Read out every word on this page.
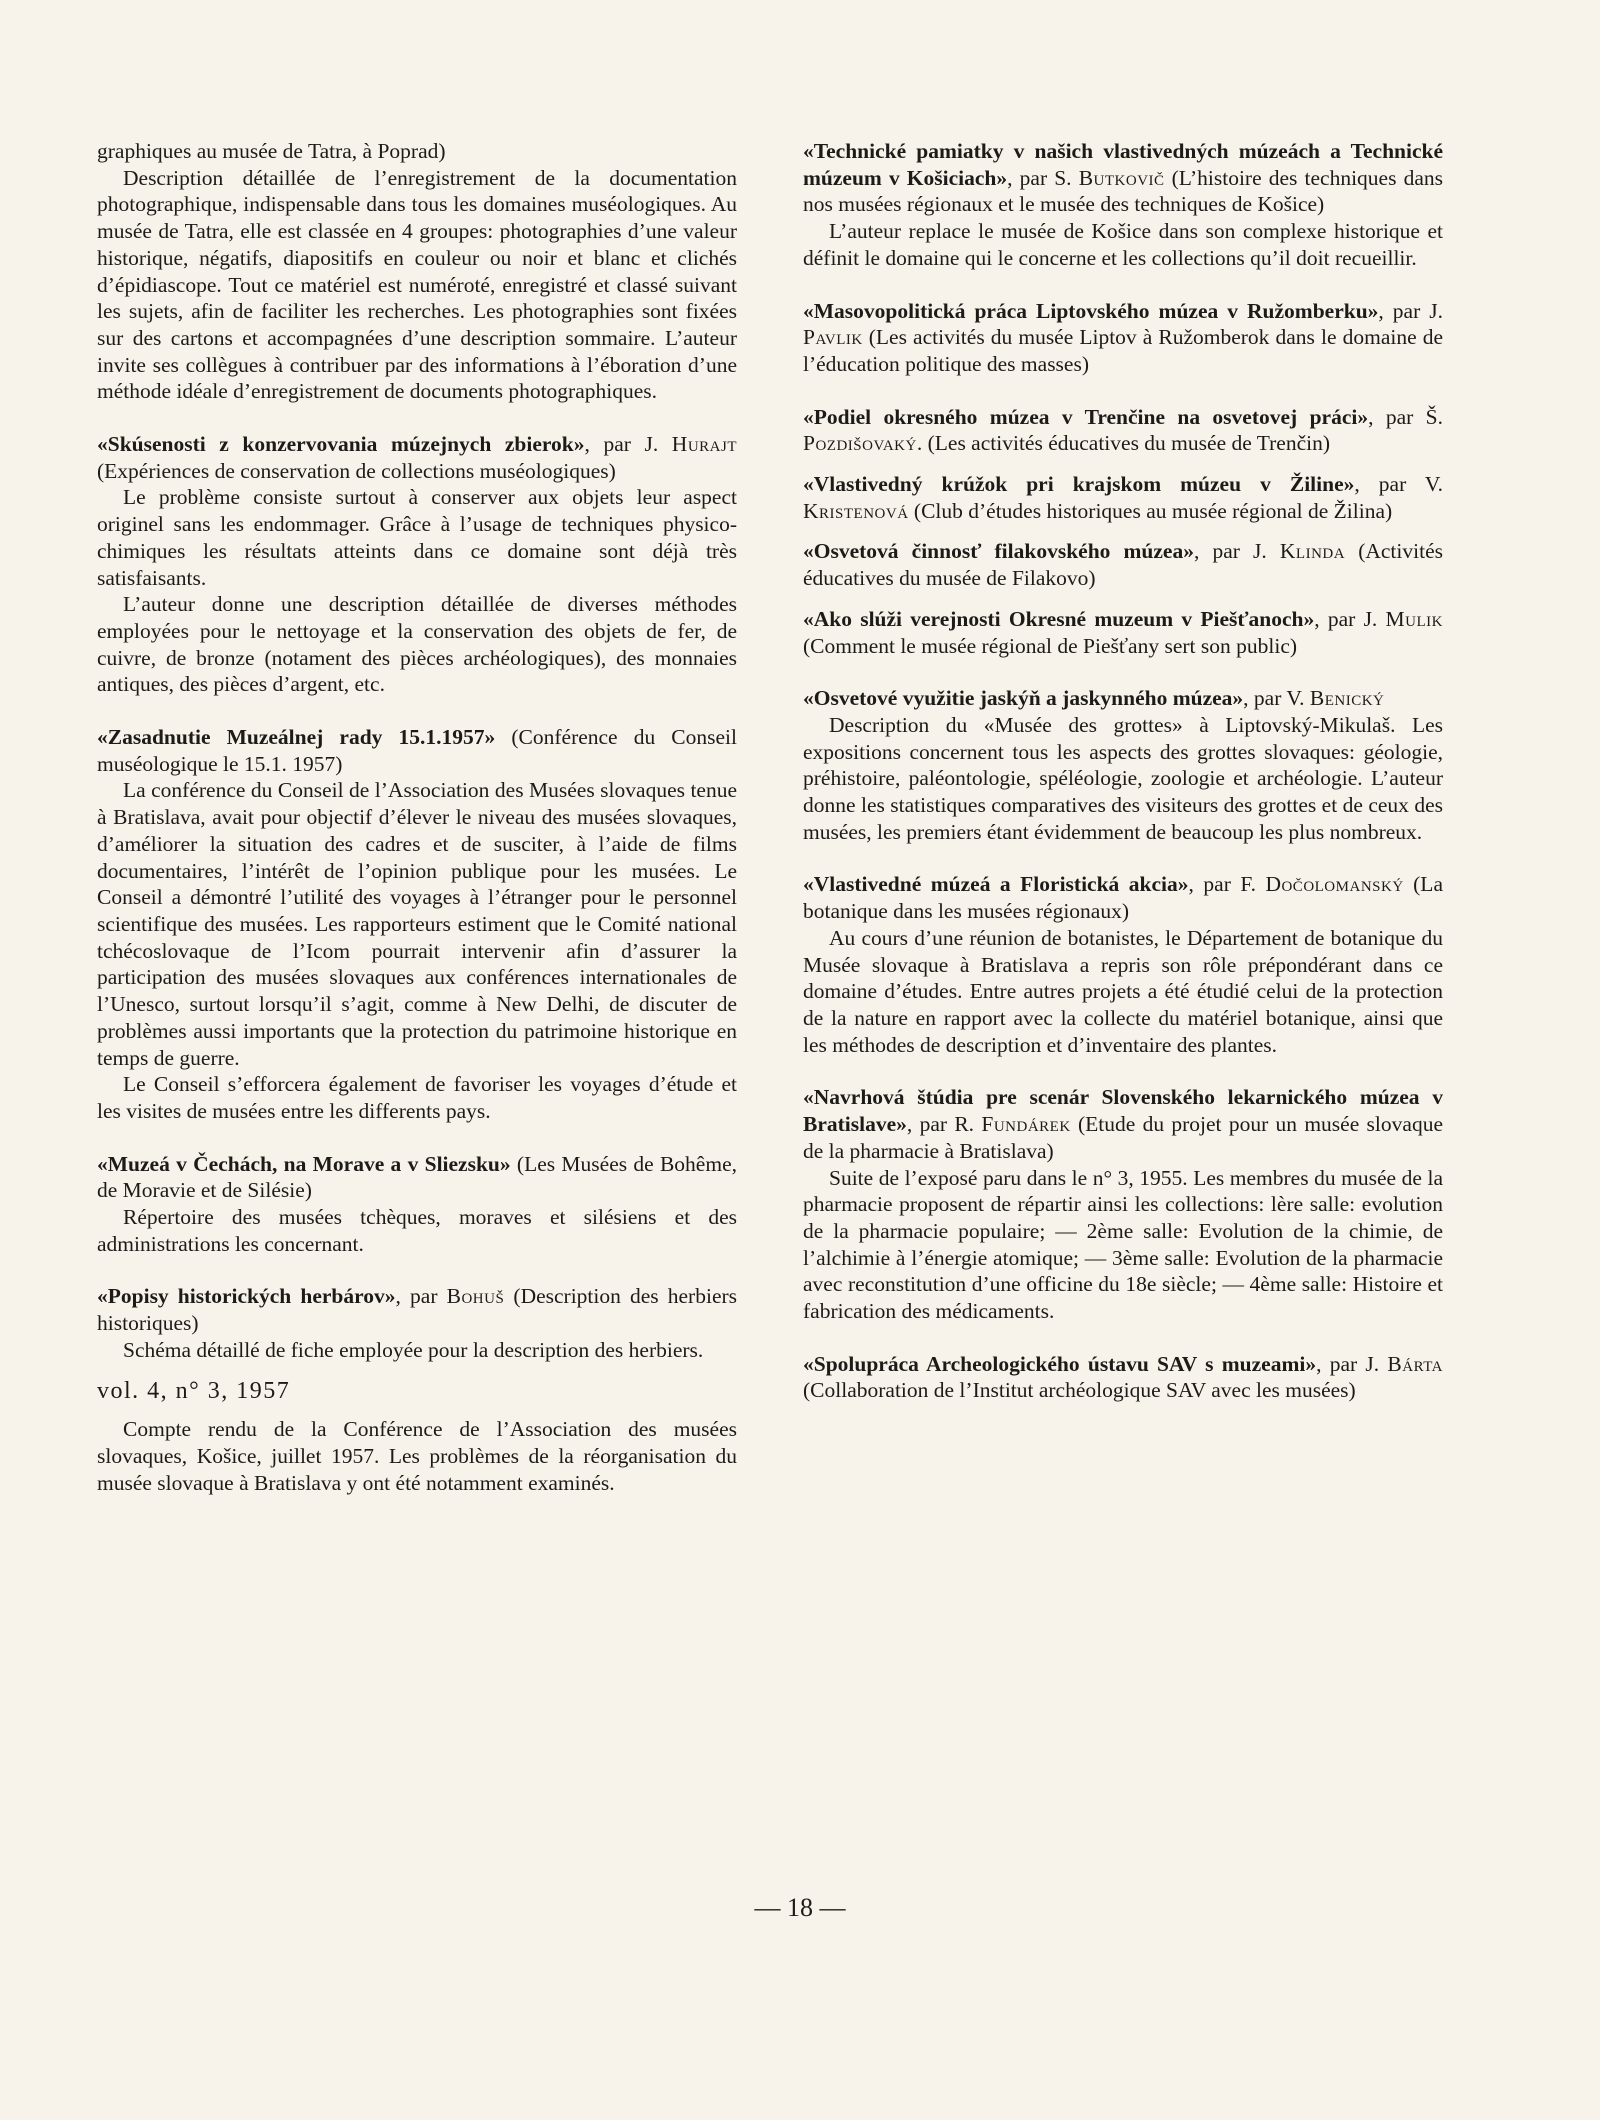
graphiques au musée de Tatra, à Poprad)

Description détaillée de l’enregistrement de la documentation photographique, indispensable dans tous les domaines muséologiques. Au musée de Tatra, elle est classée en 4 groupes: photographies d’une valeur historique, négatifs, diapositifs en couleur ou noir et blanc et clichés d’épidiascope. Tout ce matériel est numéroté, enregistré et classé suivant les sujets, afin de faciliter les recherches. Les photographies sont fixées sur des cartons et accompagnées d’une description sommaire. L’auteur invite ses collègues à contribuer par des informations à l’éboration d’une méthode idéale d’enregistrement de documents photographiques.

«Skúsenosti z konzervovania múzejnych zbierok», par J. Hurajt (Expériences de conservation de collections muséologiques)

Le problème consiste surtout à conserver aux objets leur aspect originel sans les endommager. Grâce à l’usage de techniques physico-chimiques les résultats atteints dans ce domaine sont déjà très satisfaisants.

L’auteur donne une description détaillée de diverses méthodes employées pour le nettoyage et la conservation des objets de fer, de cuivre, de bronze (notament des pièces archéologiques), des monnaies antiques, des pièces d’argent, etc.

«Zasadnutie Muzeálnej rady 15.1.1957» (Conférence du Conseil muséologique le 15.1. 1957)

La conférence du Conseil de l’Association des Musées slovaques tenue à Bratislava, avait pour objectif d’élever le niveau des musées slovaques, d’améliorer la situation des cadres et de susciter, à l’aide de films documentaires, l’intérêt de l’opinion publique pour les musées. Le Conseil a démontré l’utilité des voyages à l’étranger pour le personnel scientifique des musées. Les rapporteurs estiment que le Comité national tchécoslovaque de l’Icom pourrait intervenir afin d’assurer la participation des musées slovaques aux conférences internationales de l’Unesco, surtout lorsqu’il s’agit, comme à New Delhi, de discuter de problèmes aussi importants que la protection du patrimoine historique en temps de guerre.

Le Conseil s’efforcera également de favoriser les voyages d’étude et les visites de musées entre les differents pays.

«Muzeá v Čechách, na Morave a v Sliezsku» (Les Musées de Bohême, de Moravie et de Silésie)

Répertoire des musées tchèques, moraves et silésiens et des administrations les concernant.

«Popisy historických herbárov», par Bohuš (Description des herbiers historiques)

Schéma détaillé de fiche employée pour la description des herbiers.

vol. 4, n° 3, 1957

Compte rendu de la Conférence de l’Association des musées slovaques, Košice, juillet 1957. Les problèmes de la réorganisation du musée slovaque à Bratislava y ont été notamment examinés.

«Technické pamiatky v našich vlastivedných múzeách a Technické múzeum v Košiciach», par S. Butkovič (L’histoire des techniques dans nos musées régionaux et le musée des techniques de Košice)

L’auteur replace le musée de Košice dans son complexe historique et définit le domaine qui le concerne et les collections qu’il doit recueillir.

«Masovopolitická práca Liptovského múzea v Ružomberku», par J. Pavlik (Les activités du musée Liptov à Ružomberok dans le domaine de l’éducation politique des masses)

«Podiel okresného múzea v Trenčine na osvetovej práci», par Š. Pozdišovaký. (Les activités éducatives du musée de Trenčin)

«Vlastivedný krúžok pri krajskom múzeu v Žiline», par V. Kristenová (Club d’études historiques au musée régional de Žilina)

«Osvetová činnosť filakovského múzea», par J. Klinda (Activités éducatives du musée de Filakovo)

«Ako slúži verejnosti Okresné muzeum v Piešťanoch», par J. Mulik (Comment le musée régional de Piešťany sert son public)

«Osvetové využitie jaskýň a jaskynného múzea», par V. Benický

Description du «Musée des grottes» à Liptovský-Mikulaš. Les expositions concernent tous les aspects des grottes slovaques: géologie, préhistoire, paléontologie, spéléologie, zoologie et archéologie. L’auteur donne les statistiques comparatives des visiteurs des grottes et de ceux des musées, les premiers étant évidemment de beaucoup les plus nombreux.

«Vlastivedné múzeá a Floristická akcia», par F. Dočolomanský (La botanique dans les musées régionaux)

Au cours d’une réunion de botanistes, le Département de botanique du Musée slovaque à Bratislava a repris son rôle prépondérant dans ce domaine d’études. Entre autres projets a été étudié celui de la protection de la nature en rapport avec la collecte du matériel botanique, ainsi que les méthodes de description et d’inventaire des plantes.

«Navrhová štúdia pre scenár Slovenského lekarnického múzea v Bratislave», par R. Fundárek (Etude du projet pour un musée slovaque de la pharmacie à Bratislava)

Suite de l’exposé paru dans le n° 3, 1955. Les membres du musée de la pharmacie proposent de répartir ainsi les collections: lère salle: evolution de la pharmacie populaire; — 2ème salle: Evolution de la chimie, de l’alchimie à l’énergie atomique; — 3ème salle: Evolution de la pharmacie avec reconstitution d’une officine du 18e siècle; — 4ème salle: Histoire et fabrication des médicaments.

«Spolupráca Archeologického ústavu SAV s muzeami», par J. Bárta (Collaboration de l’Institut archéologique SAV avec les musées)

— 18 —
